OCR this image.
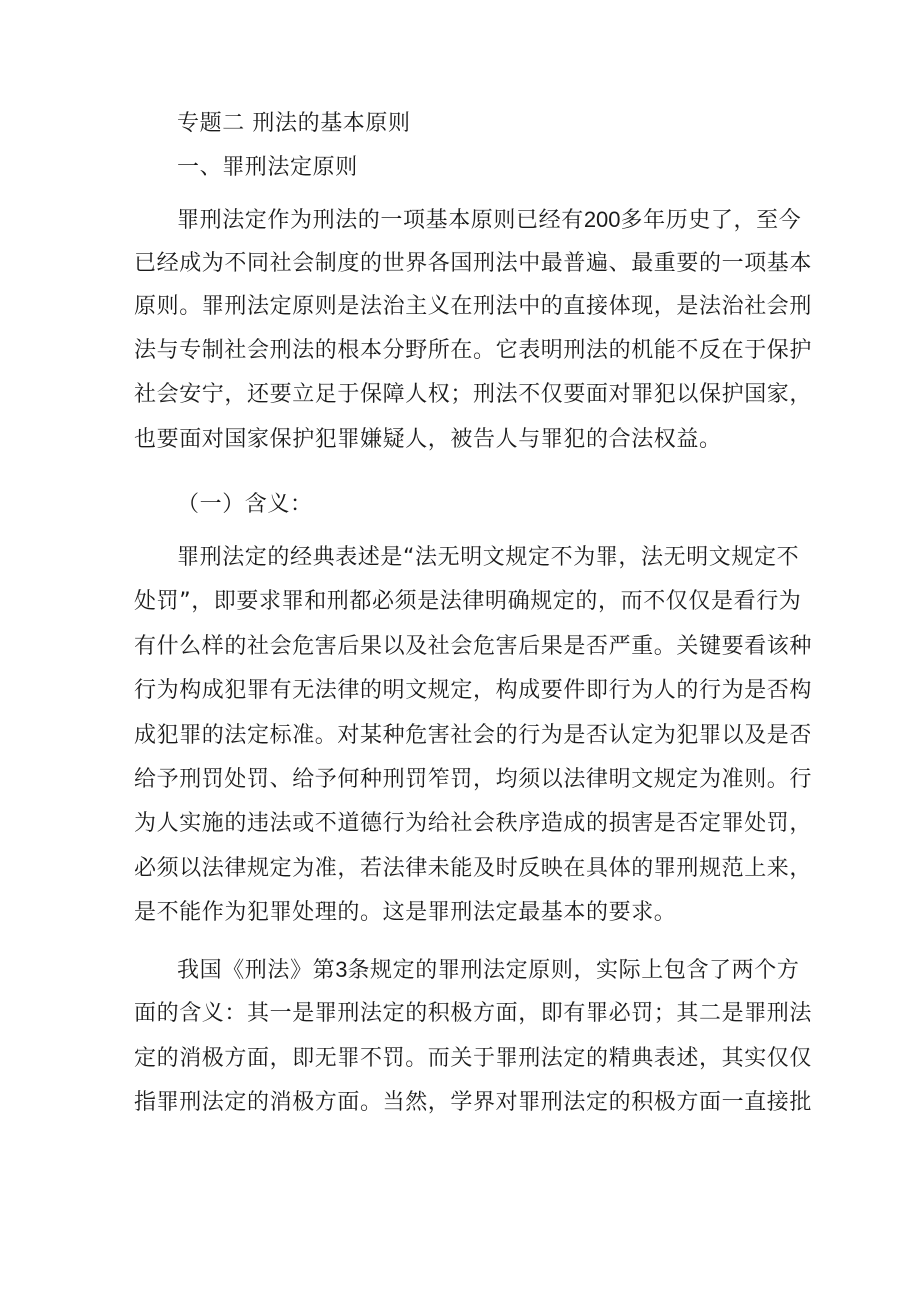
专题二 刑法的基本原则
一、罪刑法定原则
罪刑法定作为刑法的一项基本原则已经有200多年历史了，至今
已经成为不同社会制度的世界各国刑法中最普遍、最重要的一项基本
原则。罪刑法定原则是法治主义在刑法中的直接体现，是法治社会刑
法与专制社会刑法的根本分野所在。它表明刑法的机能不反在于保护
社会安宁，还要立足于保障人权；刑法不仅要面对罪犯以保护国家，
也要面对国家保护犯罪嫌疑人，被告人与罪犯的合法权益。
（一）含义：
罪刑法定的经典表述是“法无明文规定不为罪，法无明文规定不
处罚”，即要求罪和刑都必须是法律明确规定的，而不仅仅是看行为
有什么样的社会危害后果以及社会危害后果是否严重。关键要看该种
行为构成犯罪有无法律的明文规定，构成要件即行为人的行为是否构
成犯罪的法定标准。对某种危害社会的行为是否认定为犯罪以及是否
给予刑罚处罚、给予何种刑罚笮罚，均须以法律明文规定为准则。行
为人实施的违法或不道德行为给社会秩序造成的损害是否定罪处罚，
必须以法律规定为准，若法律未能及时反映在具体的罪刑规范上来，
是不能作为犯罪处理的。这是罪刑法定最基本的要求。
我国《刑法》第3条规定的罪刑法定原则，实际上包含了两个方
面的含义：其一是罪刑法定的积极方面，即有罪必罚；其二是罪刑法
定的消极方面，即无罪不罚。而关于罪刑法定的精典表述，其实仅仅
指罪刑法定的消极方面。当然，学界对罪刑法定的积极方面一直接批
